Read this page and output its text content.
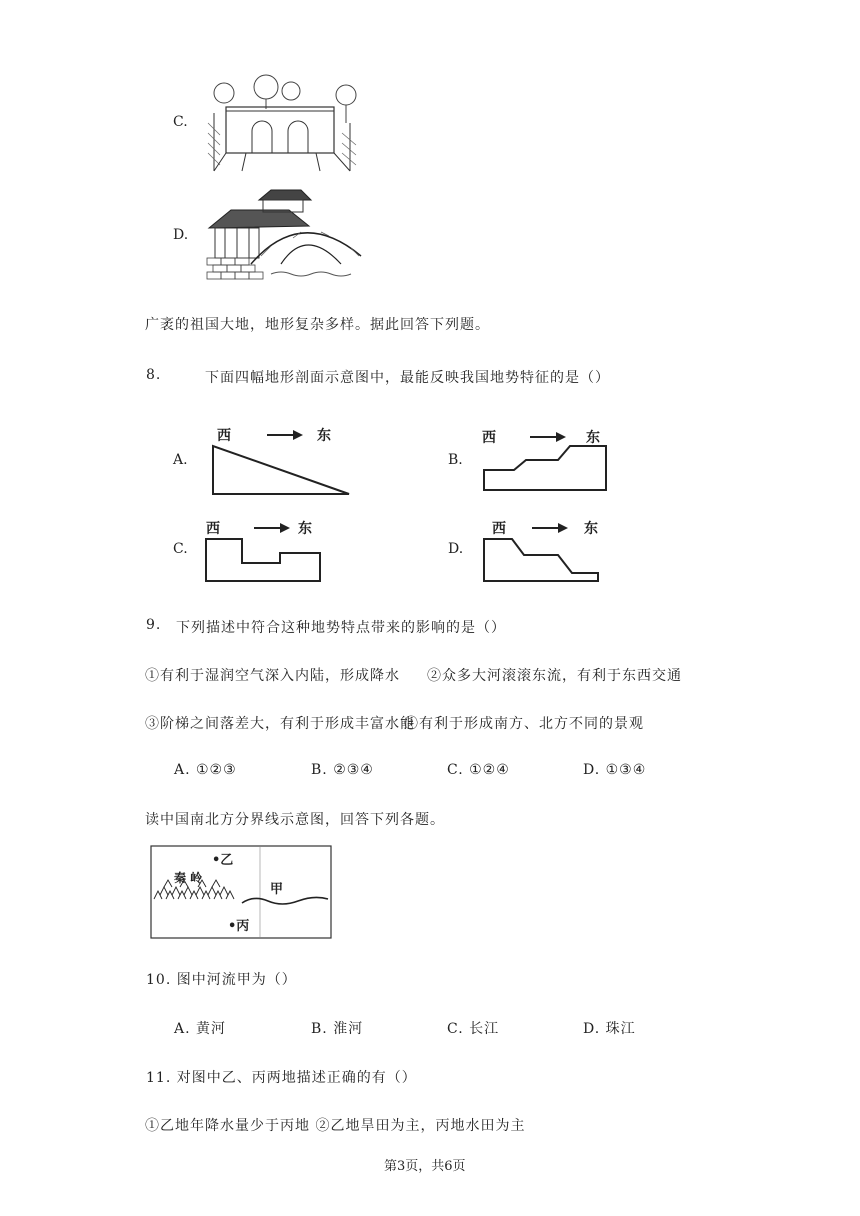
C.
D.
广袤的祖国大地，地形复杂多样。据此回答下列题。
8.	下面四幅地形剖面示意图中，最能反映我国地势特征的是（）
A.
西	东
B.
西	东
C.
西	东
D.
西	东
9. 下列描述中符合这种地势特点带来的影响的是（）
①有利于湿润空气深入内陆，形成降水 ②众多大河滚滚东流，有利于东西交通
③阶梯之间落差大，有利于形成丰富水能
④有利于形成南方、北方不同的景观
A. ①②③	B. ②③④	C. ①②④	D. ①③④
读中国南北方分界线示意图，回答下列各题。
•乙
秦 岭
甲
•丙
10. 图中河流甲为（）
A. 黄河	B. 淮河	C. 长江	D. 珠江
11. 对图中乙、丙两地描述正确的有（）
①乙地年降水量少于丙地 ②乙地旱田为主，丙地水田为主
第3页，共6页
